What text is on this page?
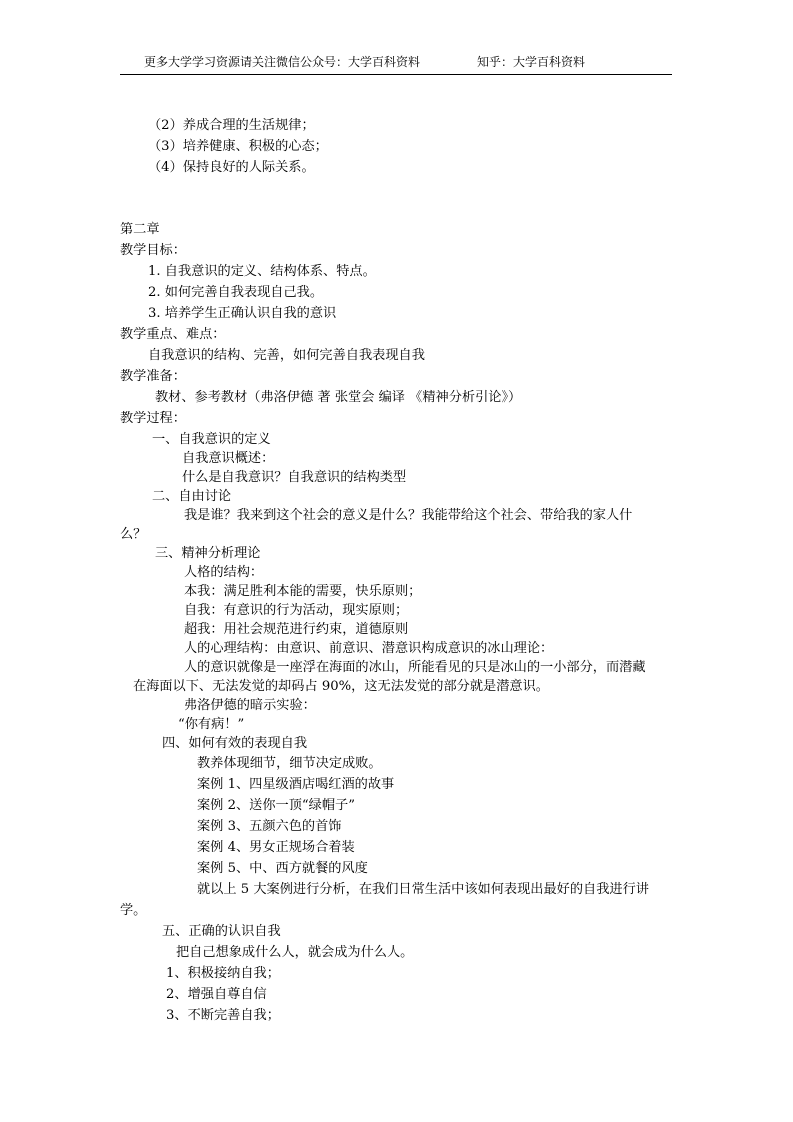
更多大学学习资源请关注微信公众号：大学百科资料	知乎：大学百科资料
（2）养成合理的生活规律；
（3）培养健康、积极的心态；
（4）保持良好的人际关系。
第二章
教学目标：
1. 自我意识的定义、结构体系、特点。
2. 如何完善自我表现自己我。
3. 培养学生正确认识自我的意识
教学重点、难点：
自我意识的结构、完善，如何完善自我表现自我
教学准备：
教材、参考教材（弗洛伊德 著 张堂会 编译 《精神分析引论》）
教学过程：
一、自我意识的定义
自我意识概述：
什么是自我意识？自我意识的结构类型
二、自由讨论
我是谁？我来到这个社会的意义是什么？我能带给这个社会、带给我的家人什
么？
三、精神分析理论
人格的结构：
本我：满足胜利本能的需要，快乐原则；
自我：有意识的行为活动，现实原则；
超我：用社会规范进行约束，道德原则
人的心理结构：由意识、前意识、潜意识构成意识的冰山理论：
人的意识就像是一座浮在海面的冰山，所能看见的只是冰山的一小部分，而潜藏
在海面以下、无法发觉的却码占 90%，这无法发觉的部分就是潜意识。
弗洛伊德的暗示实验：
“你有病！”
四、如何有效的表现自我
教养体现细节，细节决定成败。
案例 1、四星级酒店喝红酒的故事
案例 2、送你一顶“绿帽子”
案例 3、五颜六色的首饰
案例 4、男女正规场合着装
案例 5、中、西方就餐的风度
就以上 5 大案例进行分析，在我们日常生活中该如何表现出最好的自我进行讲
学。
五、正确的认识自我
把自己想象成什么人，就会成为什么人。
1、积极接纳自我；
2、增强自尊自信
3、不断完善自我；
